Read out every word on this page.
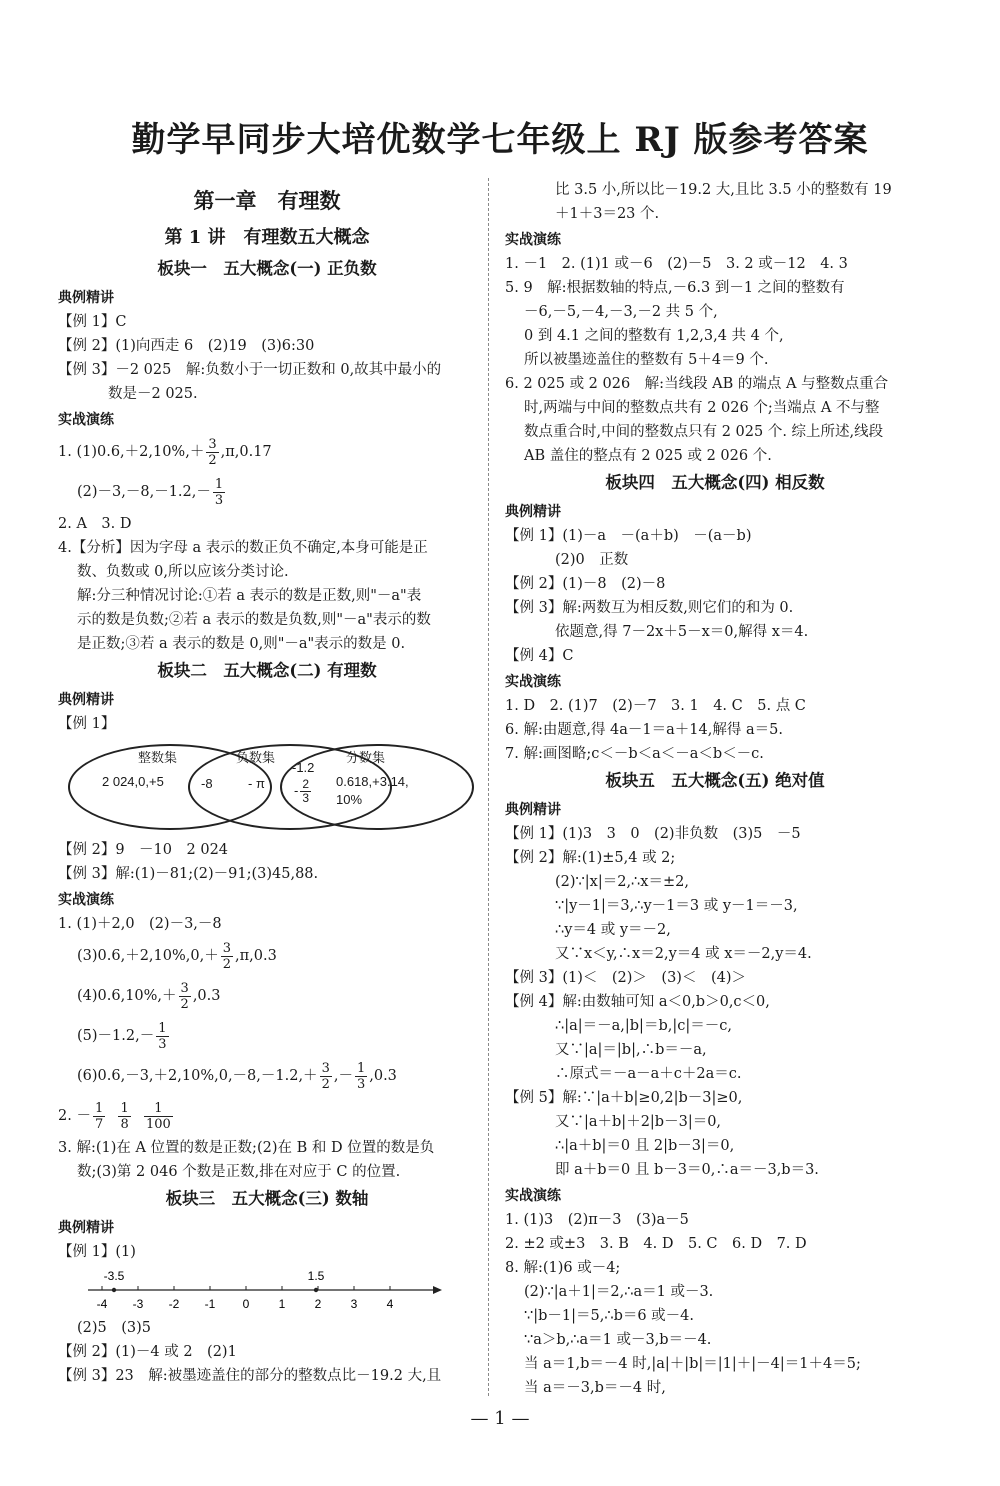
勤学早同步大培优数学七年级上 RJ 版参考答案
第一章　有理数
第 1 讲　有理数五大概念
板块一　五大概念(一) 正负数
典例精讲
【例 1】C
【例 2】(1)向西走 6　(2)19　(3)6:30
【例 3】－2 025　解:负数小于一切正数和 0,故其中最小的
数是－2 025.
实战演练
1. $(1)0.6,+2,10\%,+ \frac{3}{2} ,\pi,0.17$
$(2)-3,-8,-1.2,- \frac{1}{3}$
2. A　3. D
4.【分析】因为字母 a 表示的数正负不确定,本身可能是正
数、负数或 0,所以应该分类讨论.
解:分三种情况讨论:①若 a 表示的数是正数,则"－a"表
示的数是负数;②若 a 表示的数是负数,则"－a"表示的数
是正数;③若 a 表示的数是 0,则"－a"表示的数是 0.
板块二　五大概念(二) 有理数
典例精讲
【例 1】
整数集
2 024,0,+5	-8
负数集
- π
-1.2
- $\frac{2}{3}$
分数集
0.618,+3.14,
10%
【例 2】9　－10　2 024
【例 3】解:(1)－81;(2)－91;(3)45,88.
实战演练
1. (1)＋2,0　(2)－3,－8
$(3)0.6,+2,10\%,0,+ \frac{3}{2} ,\pi,0.3$
$(4)0.6,10\%,+ \frac{3}{2} ,0.3$
$(5)-1.2,- \frac{1}{3}$
$(6)0.6,-3,+2,10\%,0,-8,-1.2,+ \frac{3}{2}$ ,－ $\frac{1}{3} ,0.3$
2. － $\frac{1}{7}$
$\frac{1}{8}$
$\frac{1}{100}$
3. 解:(1)在 A 位置的数是正数;(2)在 B 和 D 位置的数是负
数;(3)第 2 046 个数是正数,排在对应于 C 的位置.
板块三　五大概念(三) 数轴
典例精讲
【例 1】(1)
-4 -3 -2 -1 0 1 2 3 4
-3.5	1.5
(2)5　(3)5
【例 2】(1)－4 或 2　(2)1
【例 3】23　解:被墨迹盖住的部分的整数点比－19.2 大,且
比 3.5 小,所以比－19.2 大,且比 3.5 小的整数有 19
＋1＋3＝23 个.
实战演练
1. －1　2. (1)1 或－6　(2)－5　3. 2 或－12　4. 3
5. 9　解:根据数轴的特点,－6.3 到－1 之间的整数有
－6,－5,－4,－3,－2 共 5 个,
0 到 4.1 之间的整数有 1,2,3,4 共 4 个,
所以被墨迹盖住的整数有 5＋4＝9 个.
6. 2 025 或 2 026　解:当线段 AB 的端点 A 与整数点重合
时,两端与中间的整数点共有 2 026 个;当端点 A 不与整
数点重合时,中间的整数点只有 2 025 个. 综上所述,线段
AB 盖住的整点有 2 025 或 2 026 个.
板块四　五大概念(四) 相反数
典例精讲
【例 1】(1)－a　－(a＋b)　－(a－b)
(2)0　正数
【例 2】(1)－8　(2)－8
【例 3】解:两数互为相反数,则它们的和为 0.
依题意,得 7－2x＋5－x＝0,解得 x＝4.
【例 4】C
实战演练
1. D　2. (1)7　(2)－7　3. 1　4. C　5. 点 C
6. 解:由题意,得 4a－1＝a＋14,解得 a＝5.
7. 解:画图略;c＜－b＜a＜－a＜b＜－c.
板块五　五大概念(五) 绝对值
典例精讲
【例 1】(1)3　3　0　(2)非负数　(3)5　－5
【例 2】解:(1)±5,4 或 2;
(2)∵|x|＝2,∴x＝±2,
∵|y－1|＝3,∴y－1＝3 或 y－1＝－3,
∴y＝4 或 y＝－2,
又∵x＜y,∴x＝2,y＝4 或 x＝－2,y＝4.
【例 3】(1)＜　(2)＞　(3)＜　(4)＞
【例 4】解:由数轴可知 a＜0,b＞0,c＜0,
∴|a|＝－a,|b|＝b,|c|＝－c,
又∵|a|＝|b|,∴b＝－a,
∴原式＝－a－a＋c＋2a＝c.
【例 5】解:∵|a＋b|≥0,2|b－3|≥0,
又∵|a＋b|＋2|b－3|＝0,
∴|a＋b|＝0 且 2|b－3|＝0,
即 a＋b＝0 且 b－3＝0,∴a＝－3,b＝3.
实战演练
1. (1)3　(2)π－3　(3)a－5
2. ±2 或±3　3. B　4. D　5. C　6. D　7. D
8. 解:(1)6 或－4;
(2)∵|a＋1|＝2,∴a＝1 或－3.
∵|b－1|＝5,∴b＝6 或－4.
∵a＞b,∴a＝1 或－3,b＝－4.
当 a＝1,b＝－4 时,|a|＋|b|＝|1|＋|－4|＝1＋4＝5;
当 a＝－3,b＝－4 时,
— 1 —
